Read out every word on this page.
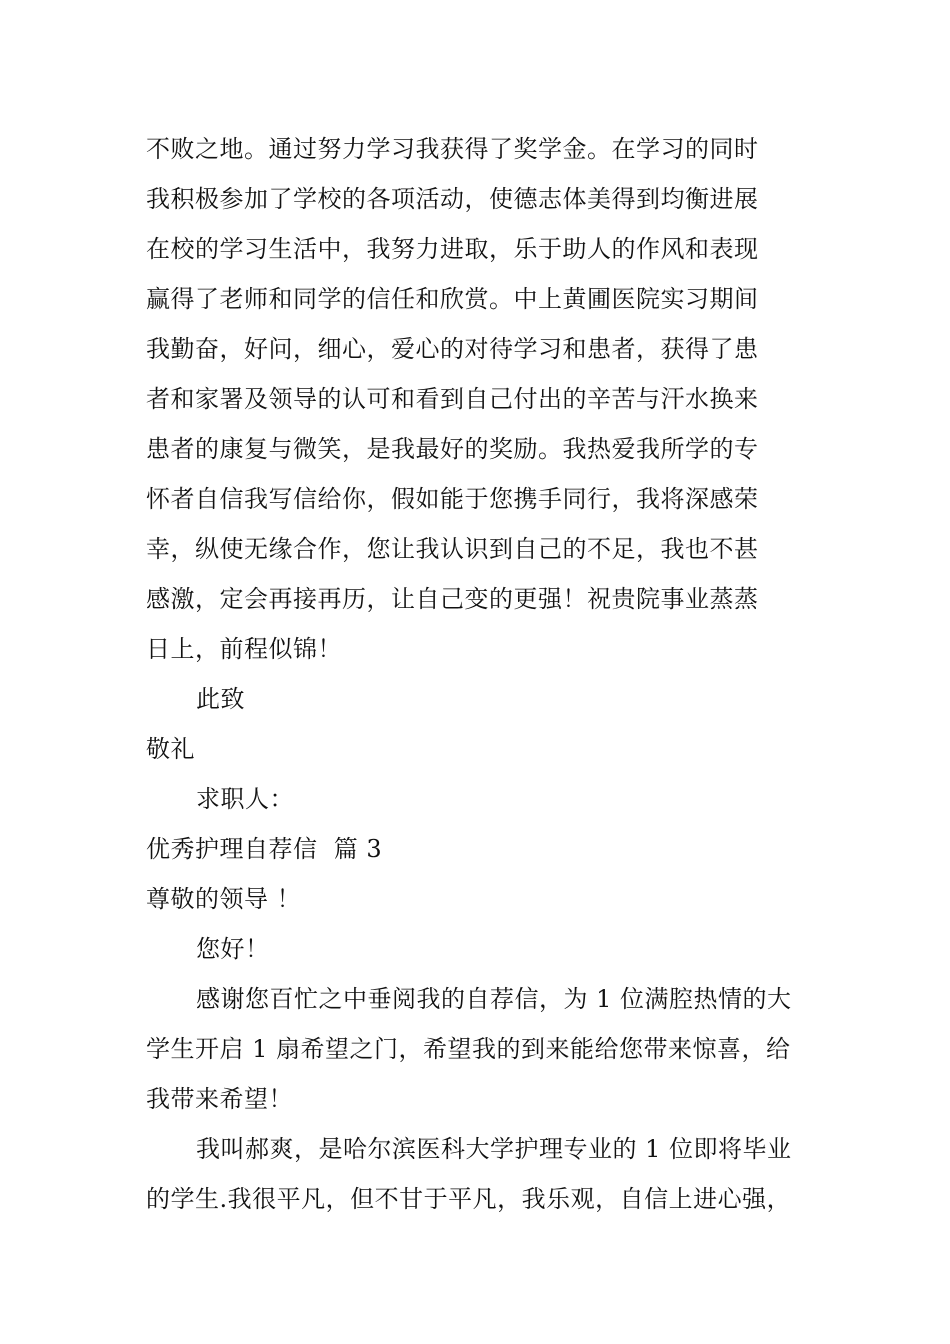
不败之地。通过努力学习我获得了奖学金。在学习的同时
我积极参加了学校的各项活动，使德志体美得到均衡进展
在校的学习生活中，我努力进取，乐于助人的作风和表现
赢得了老师和同学的信任和欣赏。中上黄圃医院实习期间
我勤奋，好问，细心，爱心的对待学习和患者，获得了患
者和家署及领导的认可和看到自己付出的辛苦与汗水换来
患者的康复与微笑，是我最好的奖励。我热爱我所学的专
怀者自信我写信给你，假如能于您携手同行，我将深感荣
幸，纵使无缘合作，您让我认识到自己的不足，我也不甚
感激，定会再接再历，让自己变的更强！祝贵院事业蒸蒸
日上，前程似锦！
此致
敬礼
求职人：
优秀护理自荐信  篇 3
尊敬的领导 ！
您好！
感谢您百忙之中垂阅我的自荐信，为 1 位满腔热情的大
学生开启 1 扇希望之门，希望我的到来能给您带来惊喜，给
我带来希望！
我叫郝爽，是哈尔滨医科大学护理专业的 1 位即将毕业
的学生.我很平凡，但不甘于平凡，我乐观，自信上进心强，
